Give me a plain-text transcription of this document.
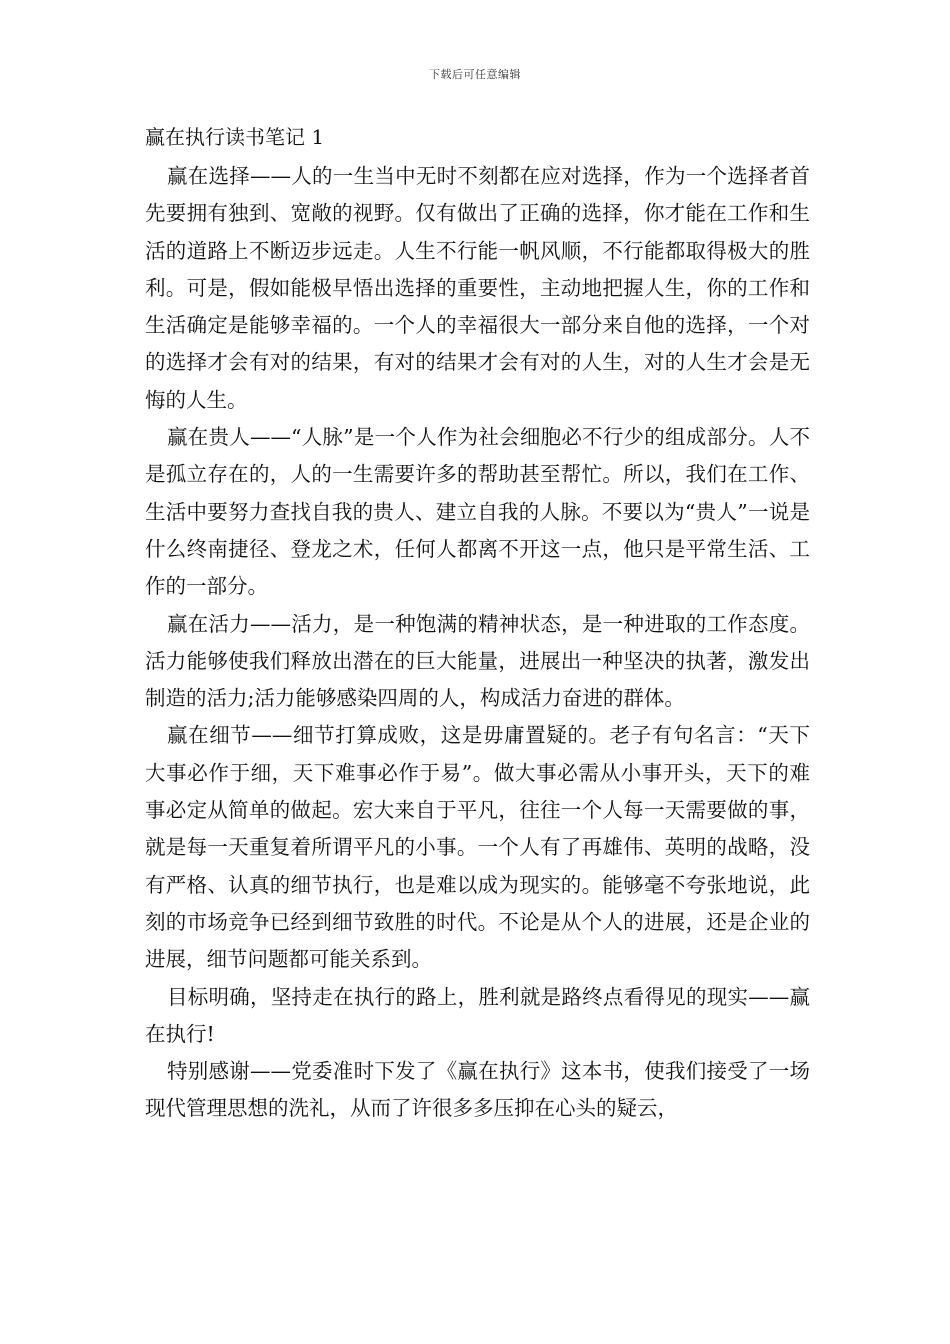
下载后可任意编辑
赢在执行读书笔记 1

赢在选择——人的一生当中无时不刻都在应对选择，作为一个选择者首先要拥有独到、宽敞的视野。仅有做出了正确的选择，你才能在工作和生活的道路上不断迈步远走。人生不行能一帆风顺，不行能都取得极大的胜利。可是，假如能极早悟出选择的重要性，主动地把握人生，你的工作和生活确定是能够幸福的。一个人的幸福很大一部分来自他的选择，一个对的选择才会有对的结果，有对的结果才会有对的人生，对的人生才会是无悔的人生。

赢在贵人——“人脉”是一个人作为社会细胞必不行少的组成部分。人不是孤立存在的，人的一生需要许多的帮助甚至帮忙。所以，我们在工作、生活中要努力查找自我的贵人、建立自我的人脉。不要以为“贵人”一说是什么终南捷径、登龙之术，任何人都离不开这一点，他只是平常生活、工作的一部分。

赢在活力——活力，是一种饱满的精神状态，是一种进取的工作态度。活力能够使我们释放出潜在的巨大能量，进展出一种坚决的执著，激发出制造的活力;活力能够感染四周的人，构成活力奋进的群体。

赢在细节——细节打算成败，这是毋庸置疑的。老子有句名言：“天下大事必作于细，天下难事必作于易”。做大事必需从小事开头，天下的难事必定从简单的做起。宏大来自于平凡，往往一个人每一天需要做的事，就是每一天重复着所谓平凡的小事。一个人有了再雄伟、英明的战略，没有严格、认真的细节执行，也是难以成为现实的。能够毫不夸张地说，此刻的市场竞争已经到细节致胜的时代。不论是从个人的进展，还是企业的进展，细节问题都可能关系到。

目标明确，坚持走在执行的路上，胜利就是路终点看得见的现实——赢在执行!

特别感谢——党委准时下发了《赢在执行》这本书，使我们接受了一场现代管理思想的洗礼，从而了许很多多压抑在心头的疑云，
